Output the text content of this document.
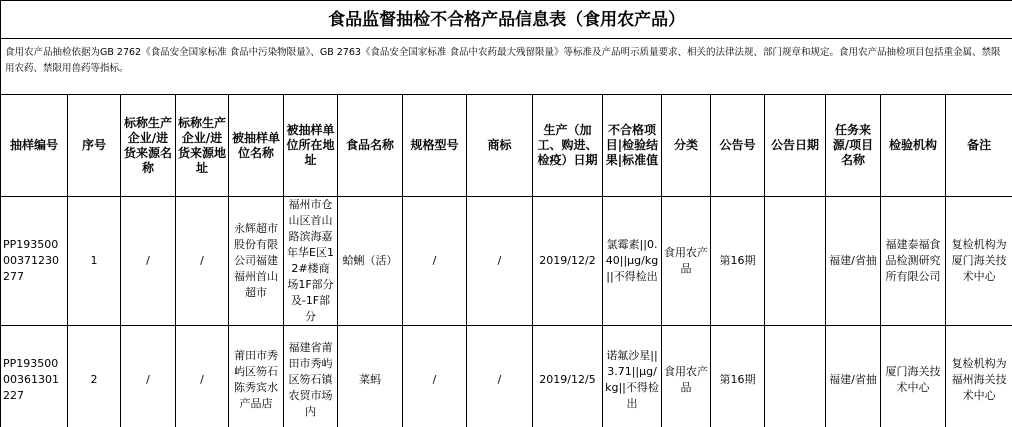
食品监督抽检不合格产品信息表（食用农产品）																
食用农产品抽检依据为GB 2762《食品安全国家标准 食品中污染物限量》、GB 2763《食品安全国家标准 食品中农药最大残留限量》等标准及产品明示质量要求、相关的法律法规、部门规章和规定。食用农产品抽检项目包括重金属、禁限用农药、禁限用兽药等指标。																
抽样编号	序号	标称生产企业/进货来源名称	标称生产企业/进货来源地址	被抽样单位名称	被抽样单位所在地址	食品名称	规格型号	商标	生产（加工、购进、检疫）日期	不合格项目|检验结果|标准值	分类	公告号	公告日期	任务来源/项目名称	检验机构	备注
PP19350000371230277	1	/	/	永辉超市股份有限公司福建福州首山超市	福州市仓山区首山路滨海嘉年华E区12#楼商场1F部分及-1F部分	蛤蜊（活）	/	/	2019/12/2	氯霉素||0.40||μg/kg||不得检出	食用农产品	第16期		福建/省抽	福建泰福食品检测研究所有限公司	复检机构为厦门海关技术中心
PP19350000361301227	2	/	/	莆田市秀屿区笏石陈秀宾水产品店	福建省莆田市秀屿区笏石镇农贸市场内	菜蚂	/	/	2019/12/5	诺氟沙星||3.71||μg/kg||不得检出	食用农产品	第16期		福建/省抽	厦门海关技术中心	复检机构为福州海关技术中心
